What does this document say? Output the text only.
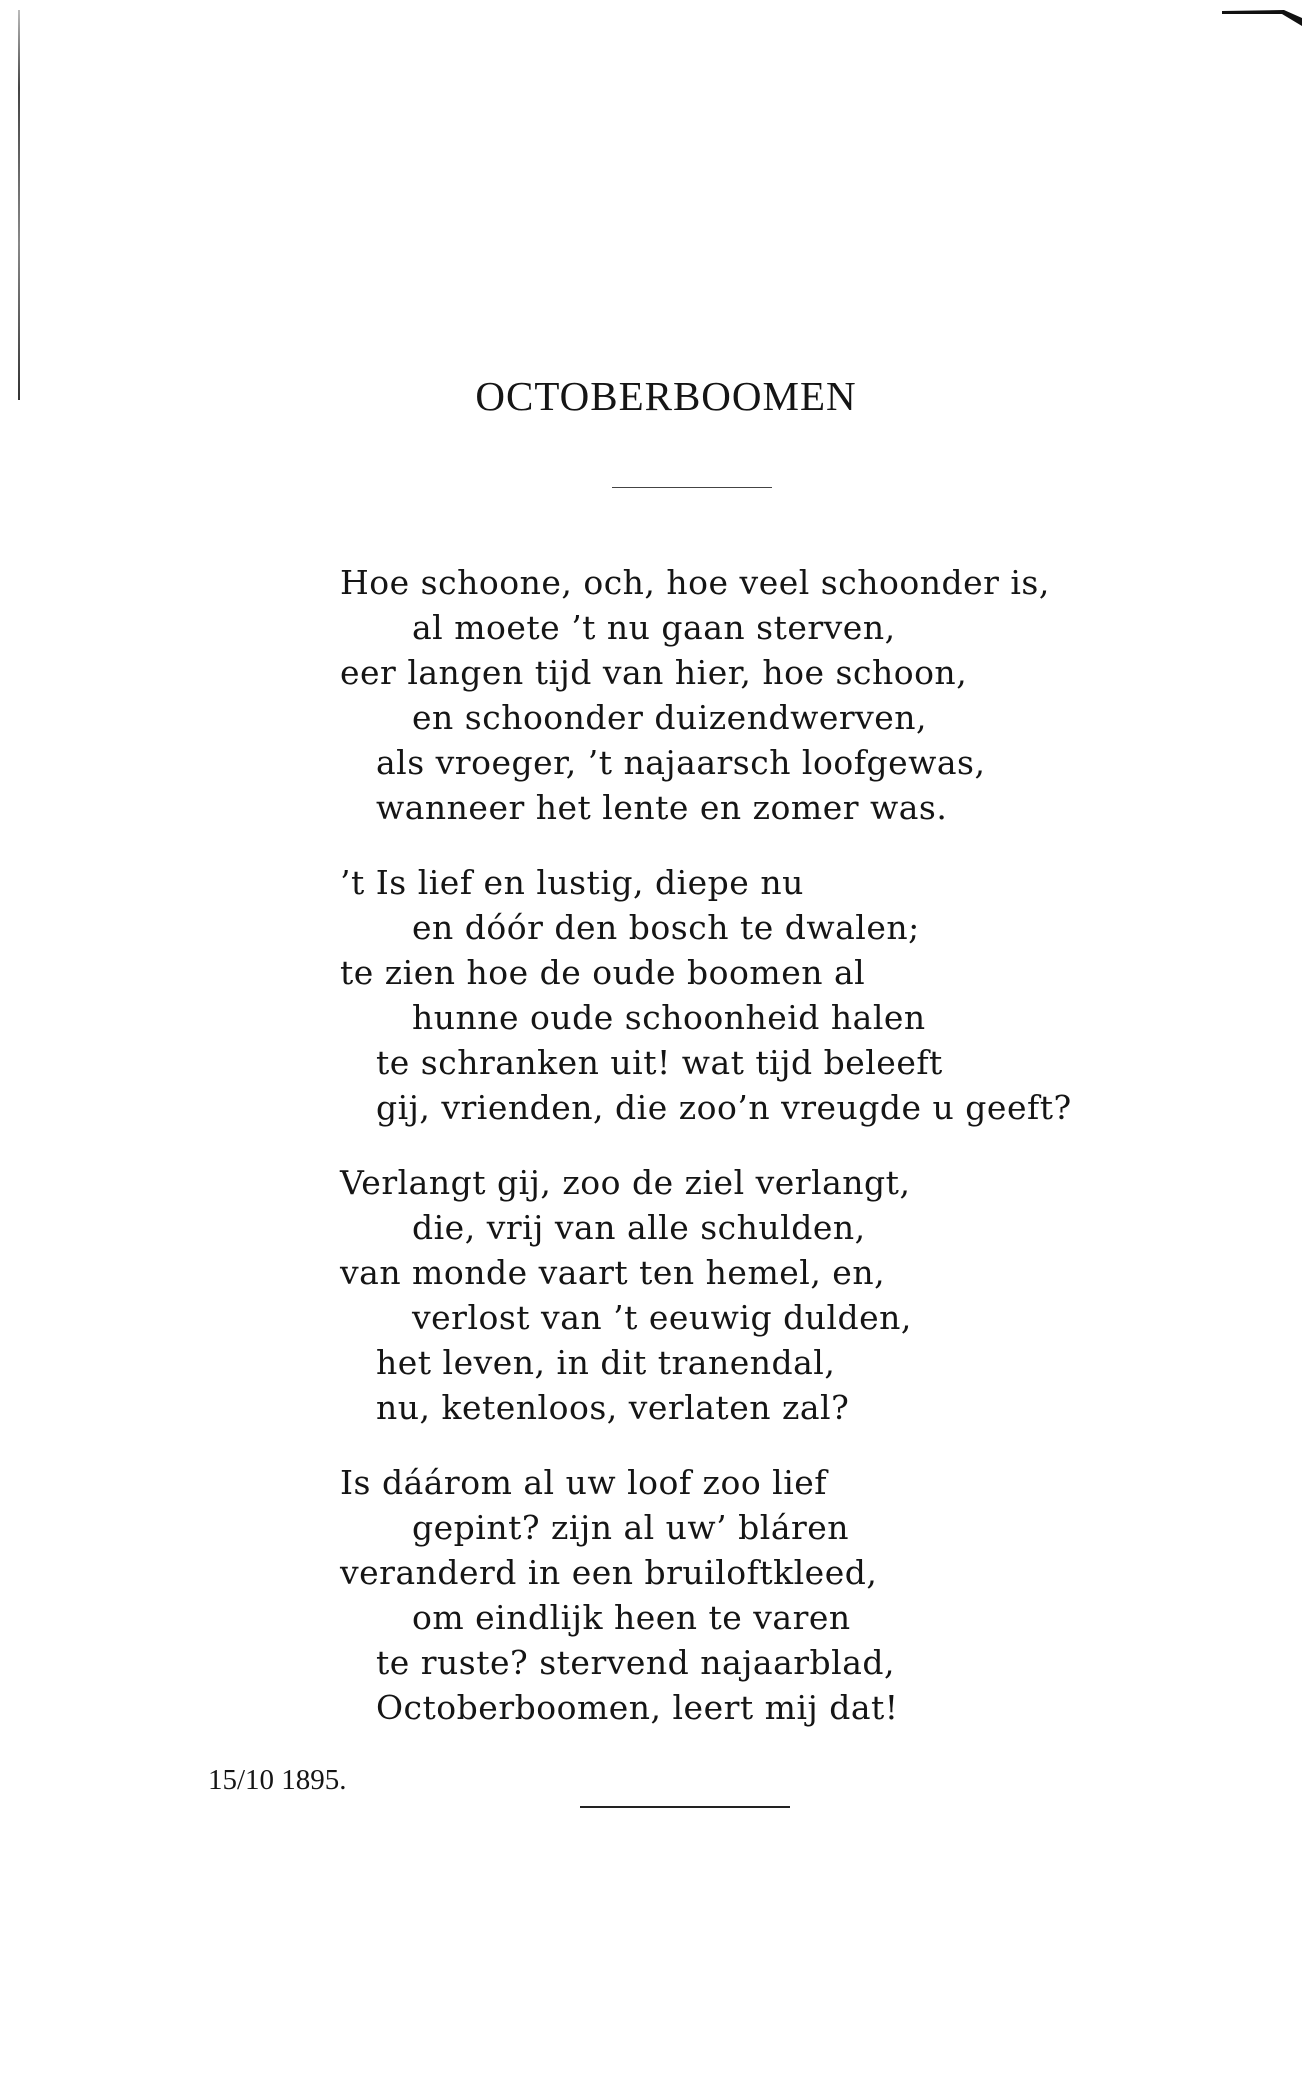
OCTOBERBOOMEN
Hoe schoone, och, hoe veel schoonder is,
al moete ’t nu gaan sterven,
eer langen tijd van hier, hoe schoon,
en schoonder duizendwerven,
als vroeger, ’t najaarsch loofgewas,
wanneer het lente en zomer was.
’t Is lief en lustig, diepe nu
en dóór den bosch te dwalen;
te zien hoe de oude boomen al
hunne oude schoonheid halen
te schranken uit! wat tijd beleeft
gij, vrienden, die zoo’n vreugde u geeft?
Verlangt gij, zoo de ziel verlangt,
die, vrij van alle schulden,
van monde vaart ten hemel, en,
verlost van ’t eeuwig dulden,
het leven, in dit tranendal,
nu, ketenloos, verlaten zal?
Is dáárom al uw loof zoo lief
gepint? zijn al uw’ bláren
veranderd in een bruiloftkleed,
om eindlijk heen te varen
te ruste? stervend najaarblad,
Octoberboomen, leert mij dat!
15/10 1895.
